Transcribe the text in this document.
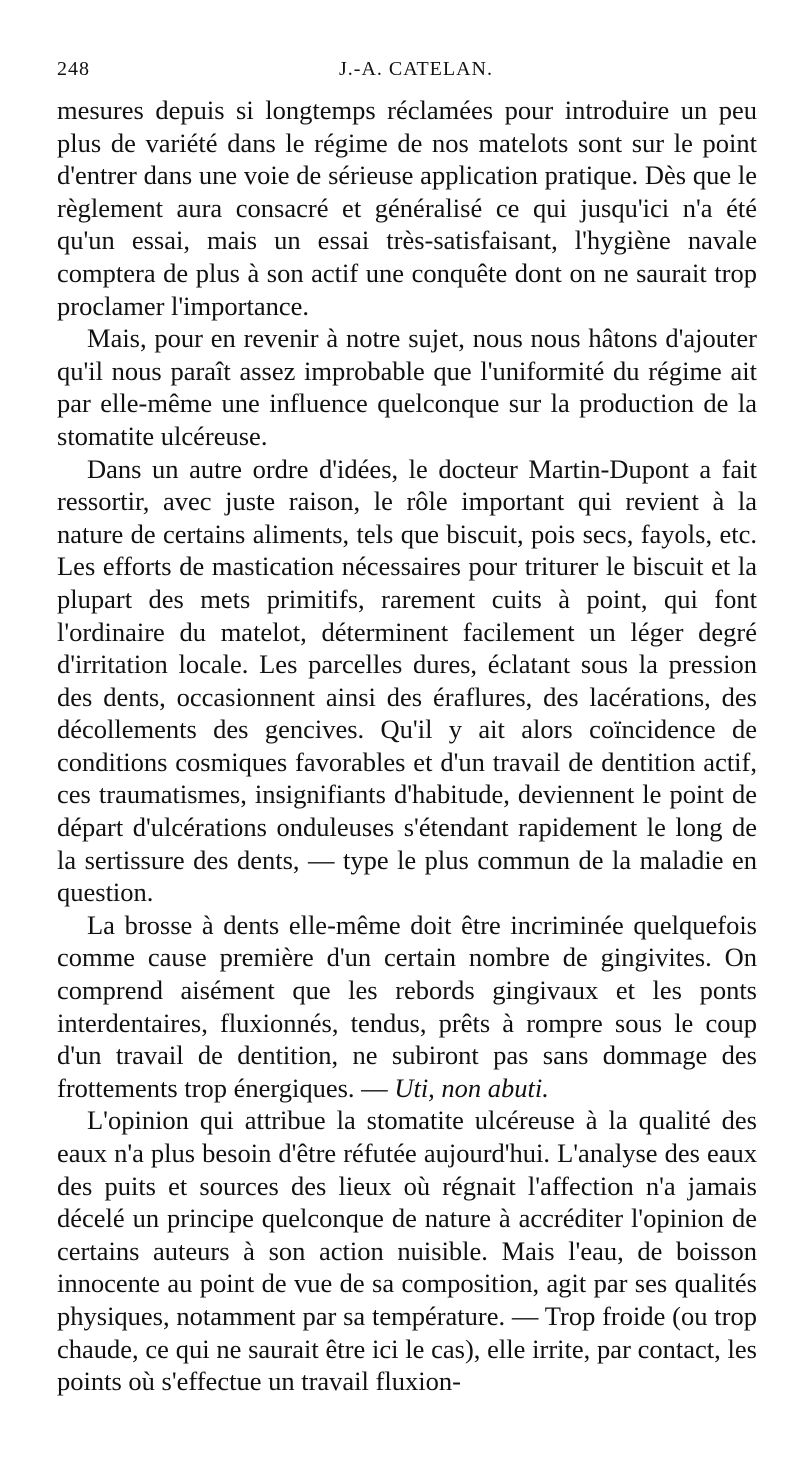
248	J.-A. CATELAN.

mesures depuis si longtemps réclamées pour introduire un peu plus de variété dans le régime de nos matelots sont sur le point d'entrer dans une voie de sérieuse application pratique. Dès que le règlement aura consacré et généralisé ce qui jusqu'ici n'a été qu'un essai, mais un essai très-satisfaisant, l'hygiène navale comptera de plus à son actif une conquête dont on ne saurait trop proclamer l'importance.

Mais, pour en revenir à notre sujet, nous nous hâtons d'ajouter qu'il nous paraît assez improbable que l'uniformité du régime ait par elle-même une influence quelconque sur la production de la stomatite ulcéreuse.

Dans un autre ordre d'idées, le docteur Martin-Dupont a fait ressortir, avec juste raison, le rôle important qui revient à la nature de certains aliments, tels que biscuit, pois secs, fayols, etc. Les efforts de mastication nécessaires pour triturer le biscuit et la plupart des mets primitifs, rarement cuits à point, qui font l'ordinaire du matelot, déterminent facilement un léger degré d'irritation locale. Les parcelles dures, éclatant sous la pression des dents, occasionnent ainsi des éraflures, des lacérations, des décollements des gencives. Qu'il y ait alors coïncidence de conditions cosmiques favorables et d'un travail de dentition actif, ces traumatismes, insignifiants d'habitude, deviennent le point de départ d'ulcérations onduleuses s'étendant rapidement le long de la sertissure des dents, — type le plus commun de la maladie en question.

La brosse à dents elle-même doit être incriminée quelquefois comme cause première d'un certain nombre de gingivites. On comprend aisément que les rebords gingivaux et les ponts interdentaires, fluxionnés, tendus, prêts à rompre sous le coup d'un travail de dentition, ne subiront pas sans dommage des frottements trop énergiques. — Uti, non abuti.

L'opinion qui attribue la stomatite ulcéreuse à la qualité des eaux n'a plus besoin d'être réfutée aujourd'hui. L'analyse des eaux des puits et sources des lieux où régnait l'affection n'a jamais décelé un principe quelconque de nature à accréditer l'opinion de certains auteurs à son action nuisible. Mais l'eau, de boisson innocente au point de vue de sa composition, agit par ses qualités physiques, notamment par sa température. — Trop froide (ou trop chaude, ce qui ne saurait être ici le cas), elle irrite, par contact, les points où s'effectue un travail fluxion-
